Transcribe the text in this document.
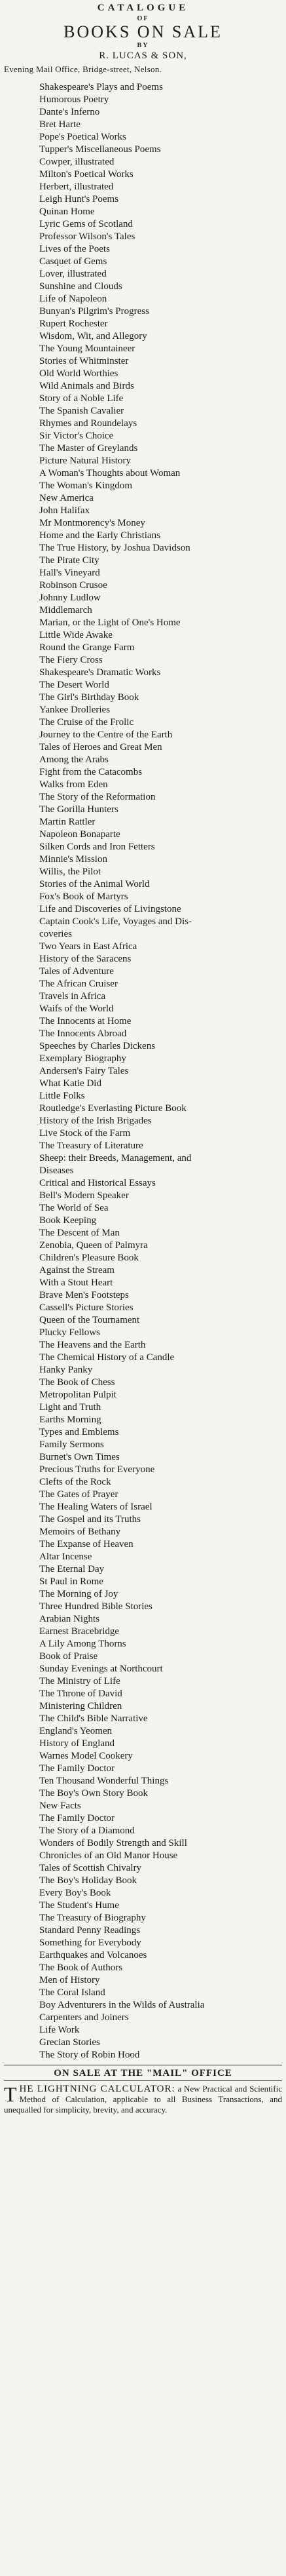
CATALOGUE

OF

BOOKS ON SALE

BY

R. LUCAS & SON,

Evening Mail Office, Bridge-street, Nelson.

Shakespeare's Plays and Poems
Humorous Poetry
Dante's Inferno
Bret Harte
Pope's Poetical Works
Tupper's Miscellaneous Poems
Cowper, illustrated
Milton's Poetical Works
Herbert, illustrated
Leigh Hunt's Poems
Quinan Home
Lyric Gems of Scotland
Professor Wilson's Tales
Lives of the Poets
Casquet of Gems
Lover, illustrated
Sunshine and Clouds
Life of Napoleon
Bunyan's Pilgrim's Progress
Rupert Rochester
Wisdom, Wit, and Allegory
The Young Mountaineer
Stories of Whitminster
Old World Worthies
Wild Animals and Birds
Story of a Noble Life
The Spanish Cavalier
Rhymes and Roundelays
Sir Victor's Choice
The Master of Greylands
Picture Natural History
A Woman's Thoughts about Woman
The Woman's Kingdom
New America
John Halifax
Mr Montmorency's Money
Home and the Early Christians
The True History, by Joshua Davidson
The Pirate City
Hall's Vineyard
Robinson Crusoe
Johnny Ludlow
Middlemarch
Marian, or the Light of One's Home
Little Wide Awake
Round the Grange Farm
The Fiery Cross
Shakespeare's Dramatic Works
The Desert World
The Girl's Birthday Book
Yankee Drolleries
The Cruise of the Frolic
Journey to the Centre of the Earth
Tales of Heroes and Great Men
Among the Arabs
Fight from the Catacombs
Walks from Eden
The Story of the Reformation
The Gorilla Hunters
Martin Rattler
Napoleon Bonaparte
Silken Cords and Iron Fetters
Minnie's Mission
Willis, the Pilot
Stories of the Animal World
Fox's Book of Martyrs
Life and Discoveries of Livingstone
Captain Cook's Life, Voyages and Dis-
coveries
Two Years in East Africa
History of the Saracens
Tales of Adventure
The African Cruiser
Travels in Africa
Waifs of the World
The Innocents at Home
The Innocents Abroad
Speeches by Charles Dickens
Exemplary Biography
Andersen's Fairy Tales
What Katie Did
Little Folks
Routledge's Everlasting Picture Book
History of the Irish Brigades
Live Stock of the Farm
The Treasury of Literature
Sheep: their Breeds, Management, and
Diseases
Critical and Historical Essays
Bell's Modern Speaker
The World of Sea
Book Keeping
The Descent of Man
Zenobia, Queen of Palmyra
Children's Pleasure Book
Against the Stream
With a Stout Heart
Brave Men's Footsteps
Cassell's Picture Stories
Queen of the Tournament
Plucky Fellows
The Heavens and the Earth
The Chemical History of a Candle
Hanky Panky
The Book of Chess
Metropolitan Pulpit
Light and Truth
Earths Morning
Types and Emblems
Family Sermons
Burnet's Own Times
Precious Truths for Everyone
Clefts of the Rock
The Gates of Prayer
The Healing Waters of Israel
The Gospel and its Truths
Memoirs of Bethany
The Expanse of Heaven
Altar Incense
The Eternal Day
St Paul in Rome
The Morning of Joy
Three Hundred Bible Stories
Arabian Nights
Earnest Bracebridge
A Lily Among Thorns
Book of Praise
Sunday Evenings at Northcourt
The Ministry of Life
The Throne of David
Ministering Children
The Child's Bible Narrative
England's Yeomen
History of England
Warnes Model Cookery
The Family Doctor
Ten Thousand Wonderful Things
The Boy's Own Story Book
New Facts
The Family Doctor
The Story of a Diamond
Wonders of Bodily Strength and Skill
Chronicles of an Old Manor House
Tales of Scottish Chivalry
The Boy's Holiday Book
Every Boy's Book
The Student's Hume
The Treasury of Biography
Standard Penny Readings
Something for Everybody
Earthquakes and Volcanoes
The Book of Authors
Men of History
The Coral Island
Boy Adventurers in the Wilds of Australia
Carpenters and Joiners
Life Work
Grecian Stories
The Story of Robin Hood

ON SALE AT THE "MAIL" OFFICE

THE LIGHTNING CALCULATOR: a New Practical and Scientific Method of Calculation, applicable to all Business Transactions, and unequalled for simplicity, brevity, and accuracy.
